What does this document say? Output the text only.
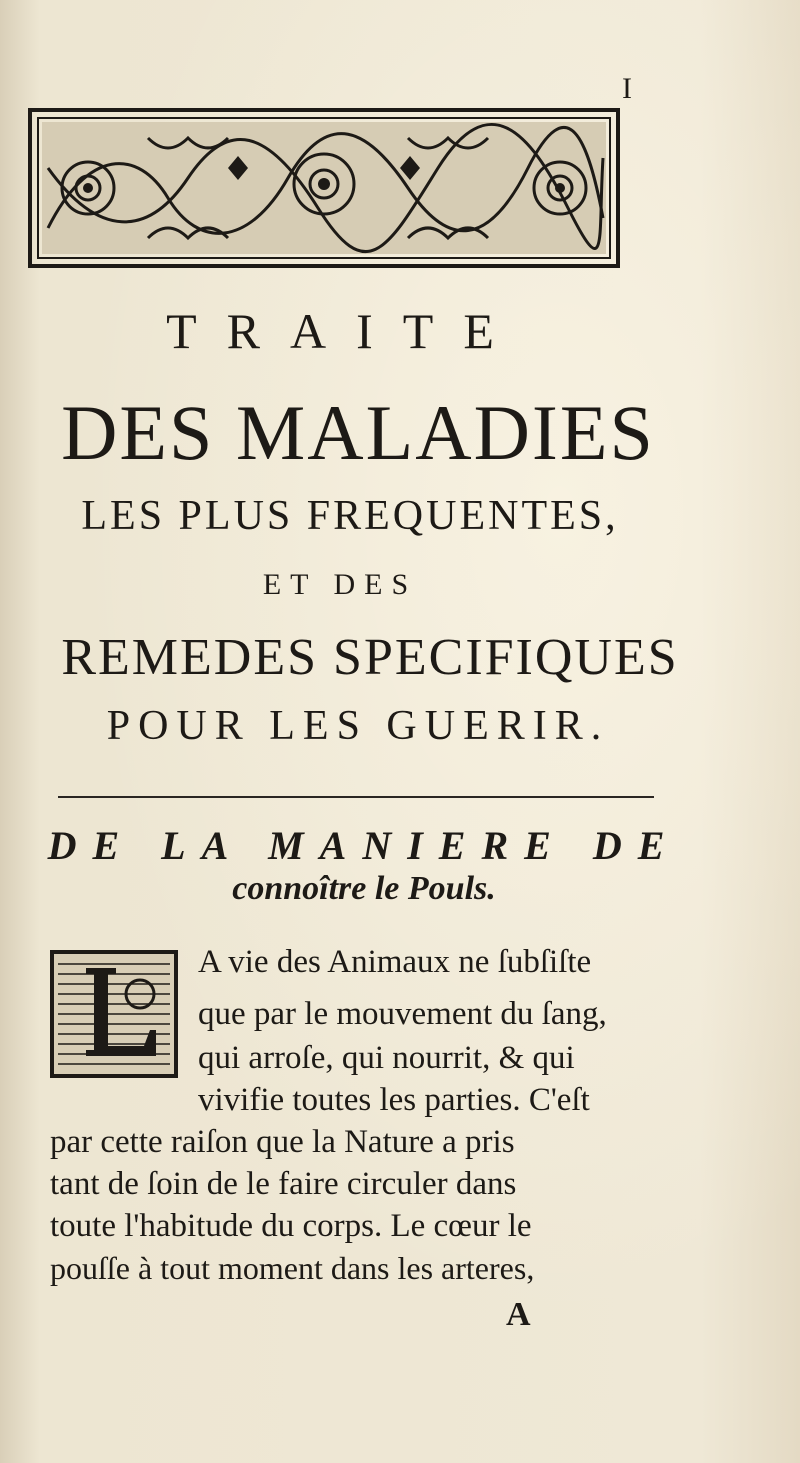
I
TRAITE
DES MALADIES
LES PLUS FREQUENTES,
ET DES
REMEDES SPECIFIQUES
POUR LES GUERIR.
DE LA MANIERE DE
connoître le Pouls.
A vie des Animaux ne ſubſiſte
que par le mouvement du ſang,
qui arroſe, qui nourrit, & qui
vivifie toutes les parties. C'eſt
par cette raiſon que la Nature a pris
tant de ſoin de le faire circuler dans
toute l'habitude du corps. Le cœur le
pouſſe à tout moment dans les arteres,
A
